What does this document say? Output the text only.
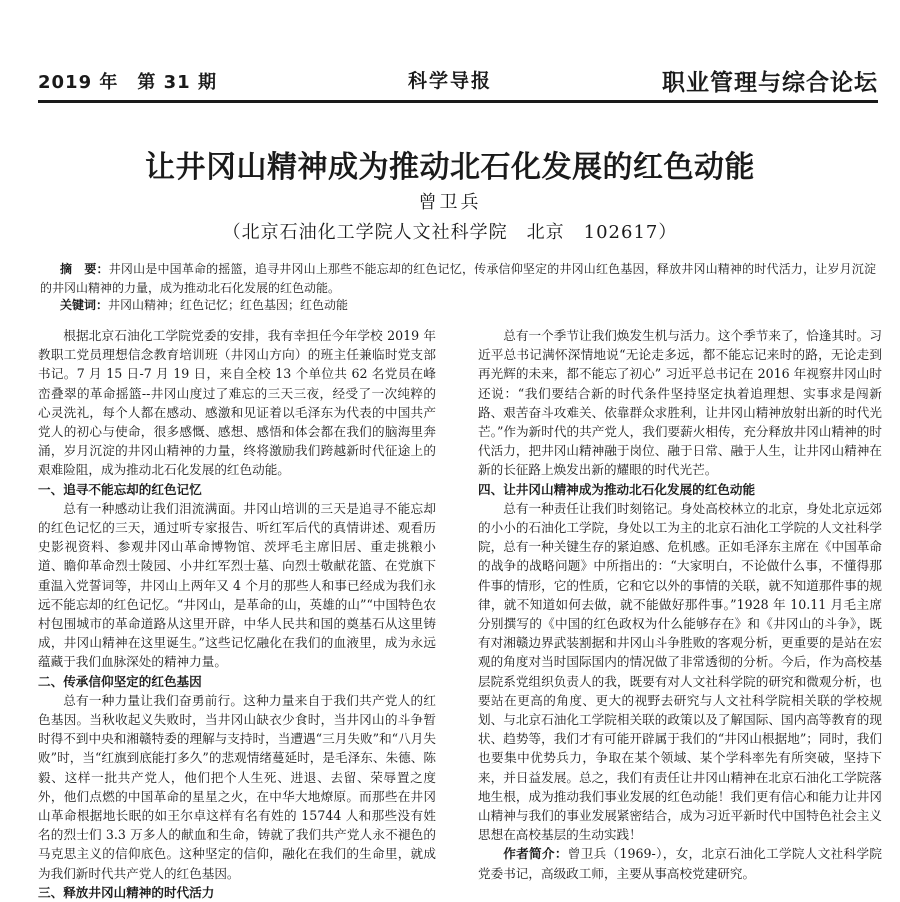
2019 年　第 31 期	科学导报	职业管理与综合论坛
让井冈山精神成为推动北石化发展的红色动能
曾卫兵
（北京石油化工学院人文社科学院　北京　102617）
摘　要：井冈山是中国革命的摇篮，追寻井冈山上那些不能忘却的红色记忆，传承信仰坚定的井冈山红色基因，释放井冈山精神的时代活力，让岁月沉淀的井冈山精神的力量，成为推动北石化发展的红色动能。
关键词：井冈山精神；红色记忆；红色基因；红色动能

根据北京石油化工学院党委的安排，我有幸担任今年学校 2019 年教职工党员理想信念教育培训班（井冈山方向）的班主任兼临时党支部书记。7 月 15 日-7 月 19 日，来自全校 13 个单位共 62 名党员在峰峦叠翠的革命摇篮--井冈山度过了难忘的三天三夜，经受了一次纯粹的心灵洗礼，每个人都在感动、感激和见证着以毛泽东为代表的中国共产党人的初心与使命，很多感慨、感想、感悟和体会都在我们的脑海里奔涌，岁月沉淀的井冈山精神的力量，终将激励我们跨越新时代征途上的艰难险阻，成为推动北石化发展的红色动能。

一、追寻不能忘却的红色记忆

总有一种感动让我们泪流满面。井冈山培训的三天是追寻不能忘却的红色记忆的三天，通过听专家报告、听红军后代的真情讲述、观看历史影视资料、参观井冈山革命博物馆、茨坪毛主席旧居、重走挑粮小道、瞻仰革命烈士陵园、小井红军烈士墓、向烈士敬献花篮、在党旗下重温入党誓词等，井冈山上两年又 4 个月的那些人和事已经成为我们永远不能忘却的红色记忆。“井冈山，是革命的山，英雄的山”“中国特色农村包围城市的革命道路从这里开辟，中华人民共和国的奠基石从这里铸成，井冈山精神在这里诞生。”这些记忆融化在我们的血液里，成为永远蕴藏于我们血脉深处的精神力量。

二、传承信仰坚定的红色基因

总有一种力量让我们奋勇前行。这种力量来自于我们共产党人的红色基因。当秋收起义失败时，当井冈山缺衣少食时，当井冈山的斗争暂时得不到中央和湘赣特委的理解与支持时，当遭遇“三月失败”和“八月失败”时，当“红旗到底能打多久”的悲观情绪蔓延时，是毛泽东、朱德、陈毅、这样一批共产党人，他们把个人生死、进退、去留、荣辱置之度外，他们点燃的中国革命的星星之火，在中华大地燎原。而那些在井冈山革命根据地长眠的如王尔卓这样有名有姓的 15744 人和那些没有姓名的烈士们 3.3 万多人的献血和生命，铸就了我们共产党人永不褪色的马克思主义的信仰底色。这种坚定的信仰，融化在我们的生命里，就成为我们新时代共产党人的红色基因。

三、释放井冈山精神的时代活力

总有一个季节让我们焕发生机与活力。这个季节来了，恰逢其时。习近平总书记满怀深情地说“无论走多远，都不能忘记来时的路，无论走到再光辉的未来，都不能忘了初心” 习近平总书记在 2016 年视察井冈山时还说：“我们要结合新的时代条件坚持坚定执着追理想、实事求是闯新路、艰苦奋斗攻难关、依靠群众求胜利，让井冈山精神放射出新的时代光芒。”作为新时代的共产党人，我们要薪火相传，充分释放井冈山精神的时代活力，把井冈山精神融于岗位、融于日常、融于人生，让井冈山精神在新的长征路上焕发出新的耀眼的时代光芒。

四、让井冈山精神成为推动北石化发展的红色动能

总有一种责任让我们时刻铭记。身处高校林立的北京，身处北京远郊的小小的石油化工学院，身处以工为主的北京石油化工学院的人文社科学院，总有一种关键生存的紧迫感、危机感。正如毛泽东主席在《中国革命的战争的战略问题》中所指出的：“大家明白，不论做什么事，不懂得那件事的情形，它的性质，它和它以外的事情的关联，就不知道那件事的规律，就不知道如何去做，就不能做好那件事。”1928 年 10.11 月毛主席分别撰写的《中国的红色政权为什么能够存在》和《井冈山的斗争》，既有对湘赣边界武装割据和井冈山斗争胜败的客观分析，更重要的是站在宏观的角度对当时国际国内的情况做了非常透彻的分析。今后，作为高校基层院系党组织负责人的我，既要有对人文社科学院的研究和微观分析，也要站在更高的角度、更大的视野去研究与人文社科学院相关联的学校规划、与北京石油化工学院相关联的政策以及了解国际、国内高等教育的现状、趋势等，我们才有可能开辟属于我们的“井冈山根据地”；同时，我们也要集中优势兵力，争取在某个领域、某个学科率先有所突破，坚持下来，并日益发展。总之，我们有责任让井冈山精神在北京石油化工学院落地生根，成为推动我们事业发展的红色动能！我们更有信心和能力让井冈山精神与我们的事业发展紧密结合，成为习近平新时代中国特色社会主义思想在高校基层的生动实践！

作者简介：曾卫兵（1969-），女，北京石油化工学院人文社科学院党委书记，高级政工师，主要从事高校党建研究。
